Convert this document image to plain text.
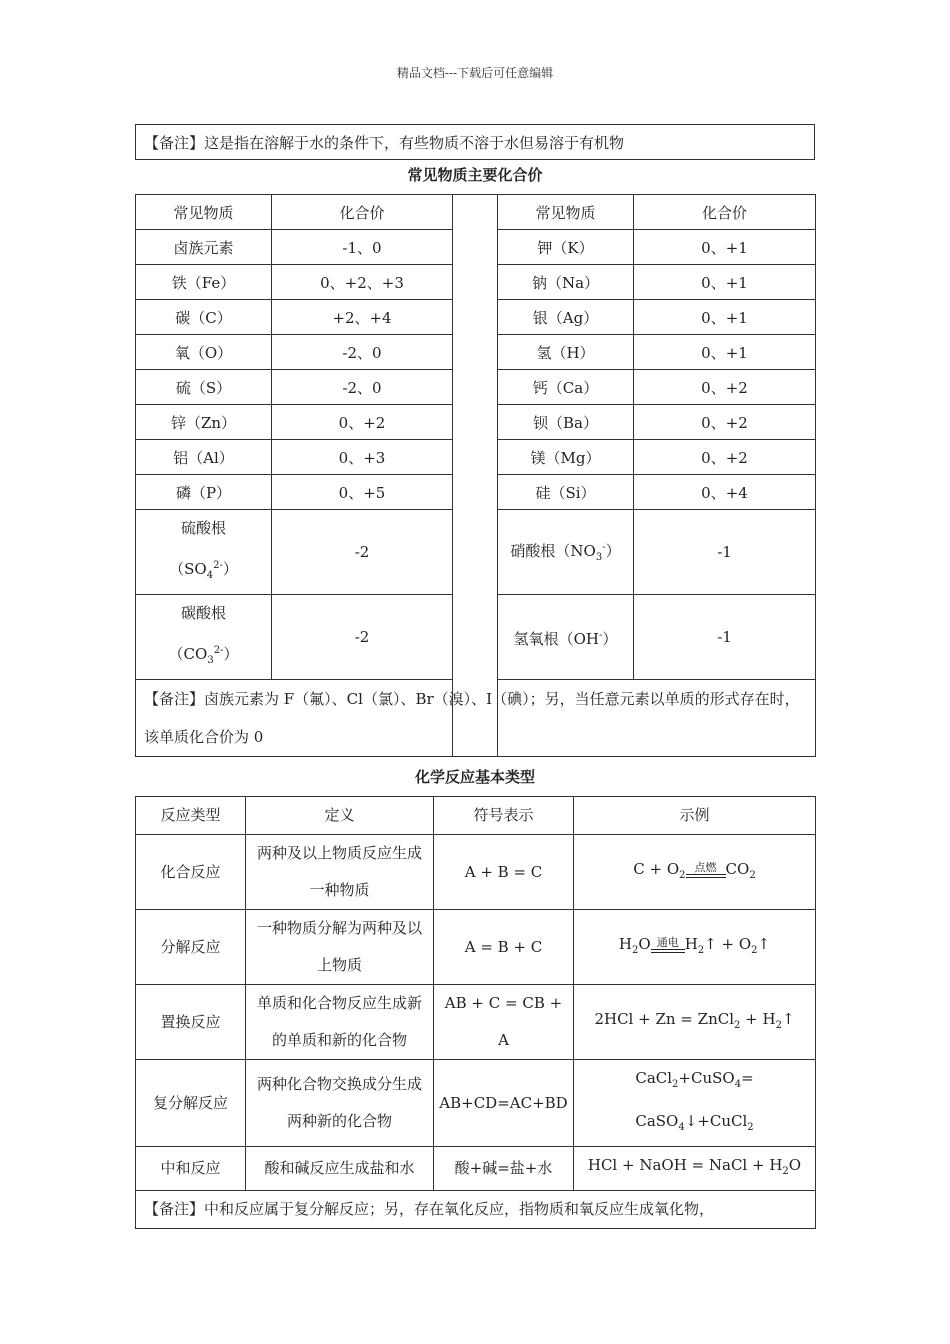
精品文档---下载后可任意编辑
【备注】这是指在溶解于水的条件下，有些物质不溶于水但易溶于有机物
常见物质主要化合价
常见物质	化合价		常见物质	化合价
卤族元素	-1、0		钾（K）	0、+1
铁（Fe）	0、+2、+3		钠（Na）	0、+1
碳（C）	+2、+4		银（Ag）	0、+1
氧（O）	-2、0		氢（H）	0、+1
硫（S）	-2、0		钙（Ca）	0、+2
锌（Zn）	0、+2		钡（Ba）	0、+2
铝（Al）	0、+3		镁（Mg）	0、+2
磷（P）	0、+5		硅（Si）	0、+4
硫酸根
$(SO_4^{2-})$	-2		硝酸根$(NO_3^-)$	-1
碳酸根
$(CO_3^{2-})$	-2		氢氧根（OH-）	-1
【备注】卤族元素为 F（氟）、Cl（氯）、Br（溴）、I（碘）；另，当任意元素以单质的形式存在时，该单质化合价为 0				
化学反应基本类型
反应类型	定义	符号表示	示例
化合反应	两种及以上物质反应生成一种物质	A + B = C	$C + O_2$
点燃 $CO_2$
分解反应	一种物质分解为两种及以上物质	A = B + C	$H_2O$ 通电 $H_2↑$ + $O_2↑$
置换反应	单质和化合物反应生成新的单质和新的化合物	AB + C = CB + A	2HCl + Zn = ZnCl$_2$ + $H_2↑$
复分解反应	两种化合物交换成分生成两种新的化合物	AB+CD=AC+BD	CaCl$_2$+CuSO$_4$=
CaSO$_4$↓+CuCl$_2$
中和反应	酸和碱反应生成盐和水	酸+碱=盐+水	HCl + NaOH = NaCl + $H_2O$
【备注】中和反应属于复分解反应；另，存在氧化反应，指物质和氧反应生成氧化物，			
